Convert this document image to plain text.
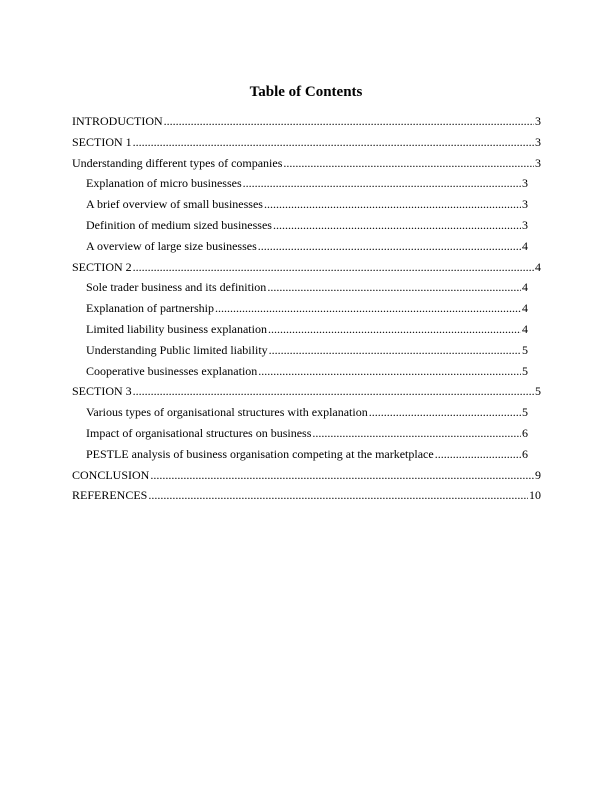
Table of Contents
INTRODUCTION .....	3
SECTION 1 .....	3
Understanding different types of companies .....	3
Explanation of micro businesses .....	3
A brief overview of small businesses .....	3
Definition of medium sized businesses .....	3
A overview of large size businesses .....	4
SECTION 2 .....	4
Sole trader business and its definition .....	4
Explanation of partnership .....	4
Limited liability business explanation .....	4
Understanding Public limited liability .....	5
Cooperative businesses explanation .....	5
SECTION 3 .....	5
Various types of organisational structures with explanation .....	5
Impact of organisational structures on business .....	6
PESTLE analysis of business organisation competing at the marketplace .....	6
CONCLUSION .....	9
REFERENCES .....	10
